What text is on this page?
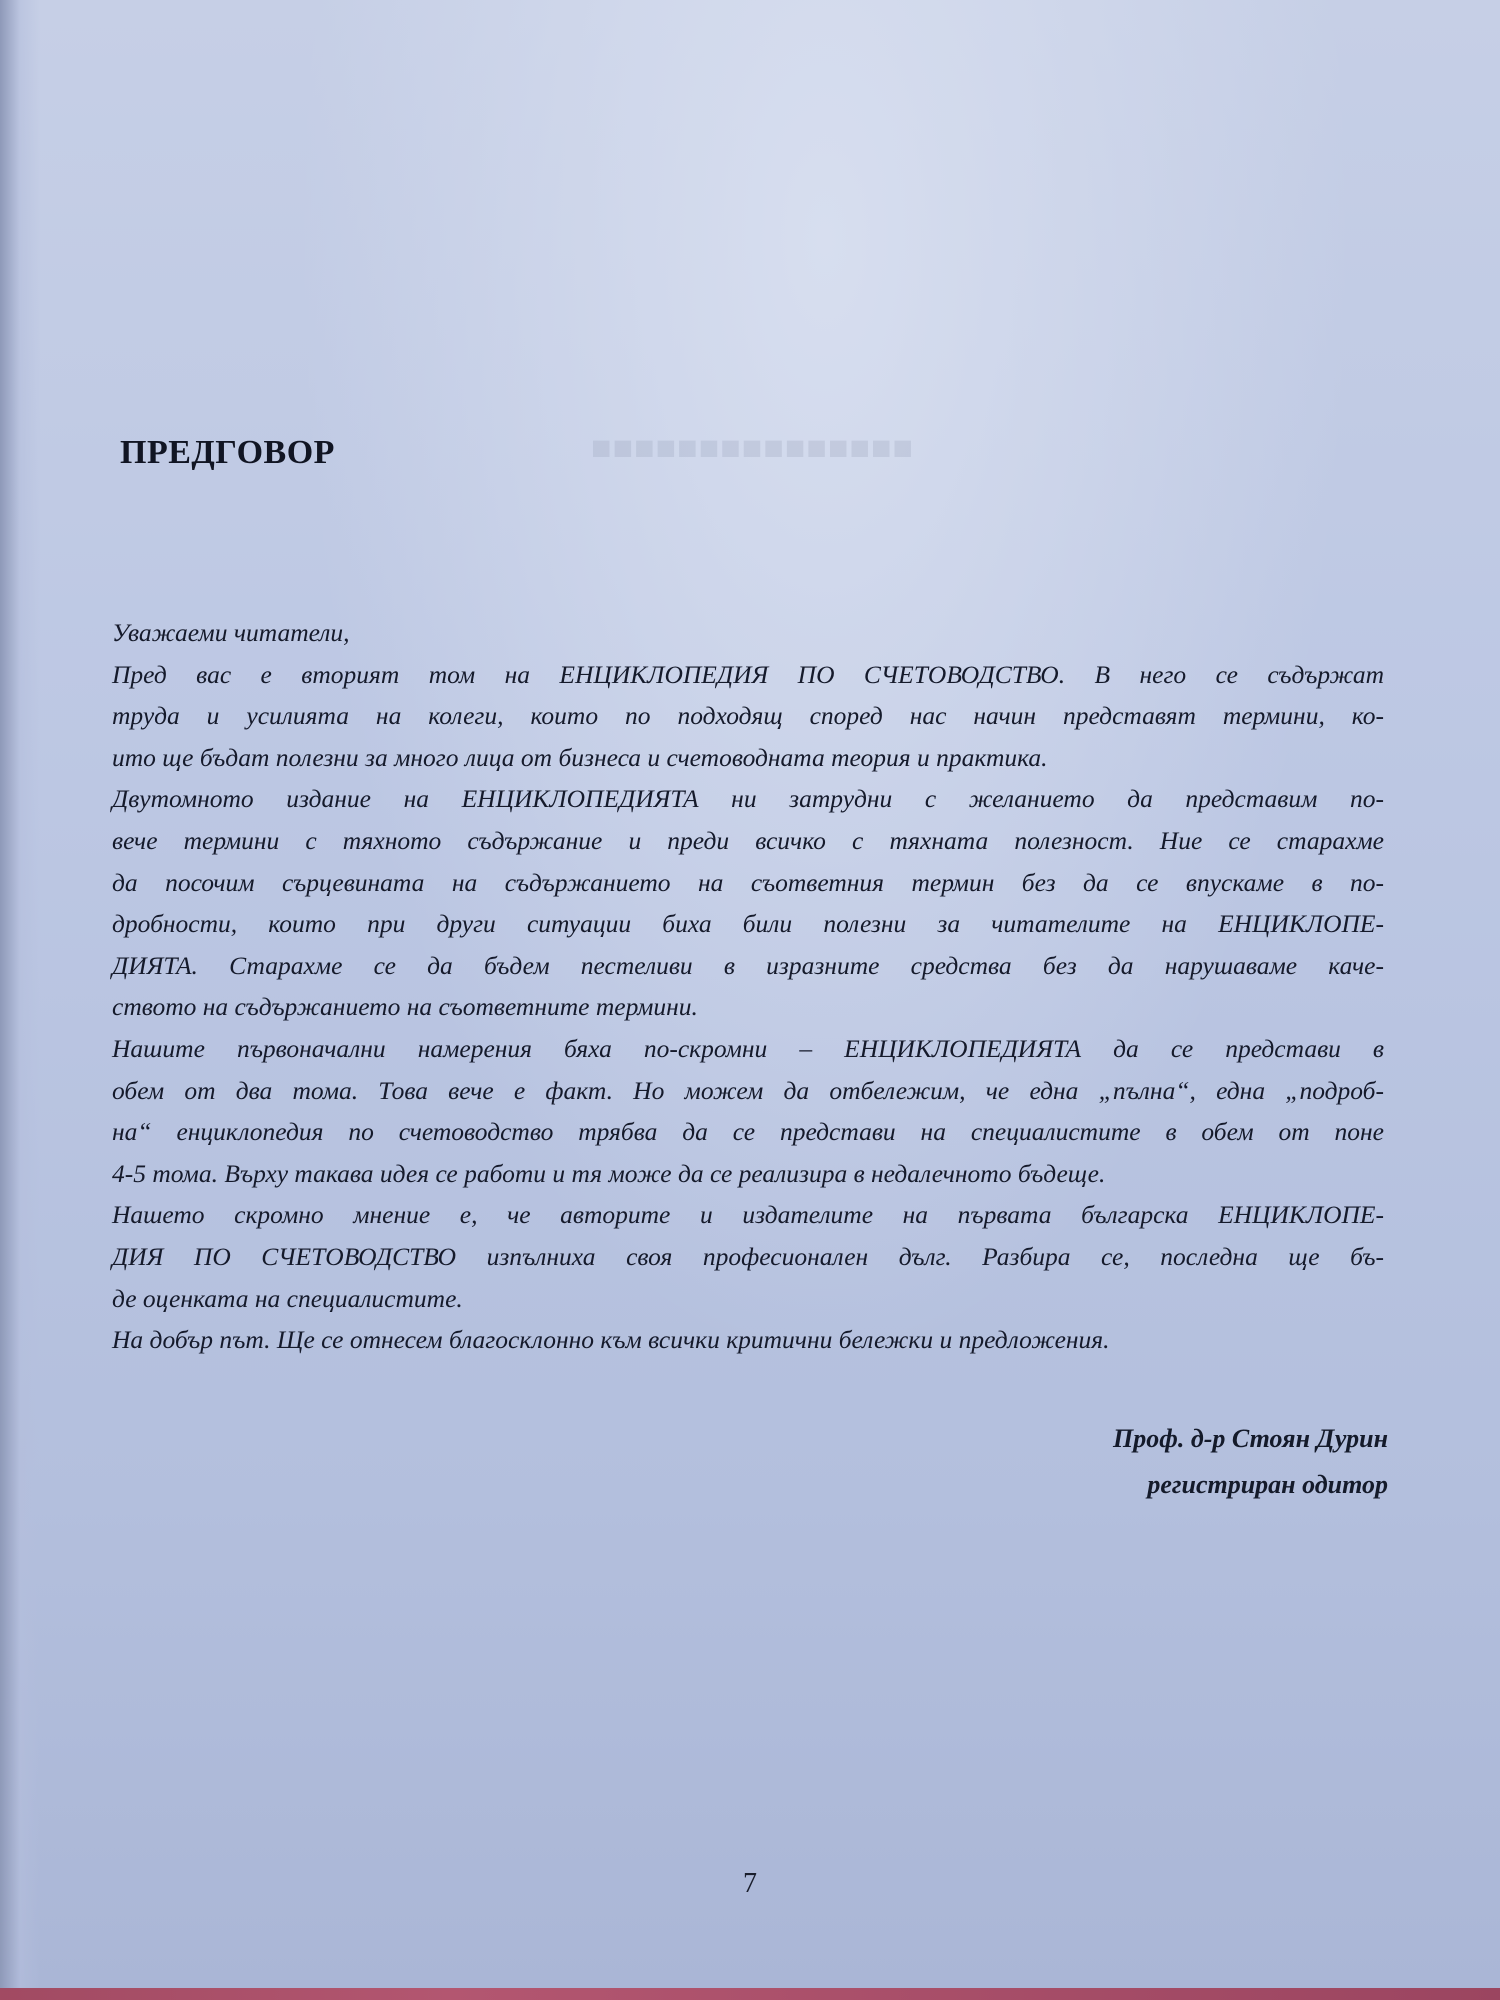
■■■■■■■■■■■■■■■
ПРЕДГОВОР
Уважаеми читатели,
Пред вас е вторият том на ЕНЦИКЛОПЕДИЯ ПО СЧЕТОВОДСТВО. В него се съдържат
труда и усилията на колеги, които по подходящ според нас начин представят термини, ко-
ито ще бъдат полезни за много лица от бизнеса и счетоводната теория и практика.
Двутомното издание на ЕНЦИКЛОПЕДИЯТА ни затрудни с желанието да представим по-
вече термини с тяхното съдържание и преди всичко с тяхната полезност. Ние се старахме
да посочим сърцевината на съдържанието на съответния термин без да се впускаме в по-
дробности, които при други ситуации биха били полезни за читателите на ЕНЦИКЛОПЕ-
ДИЯТА. Старахме се да бъдем пестеливи в изразните средства без да нарушаваме каче-
ството на съдържанието на съответните термини.
Нашите първоначални намерения бяха по-скромни – ЕНЦИКЛОПЕДИЯТА да се представи в
обем от два тома. Това вече е факт. Но можем да отбележим, че една „пълна“, една „подроб-
на“ енциклопедия по счетоводство трябва да се представи на специалистите в обем от поне
4-5 тома. Върху такава идея се работи и тя може да се реализира в недалечното бъдеще.
Нашето скромно мнение е, че авторите и издателите на първата българска ЕНЦИКЛОПЕ-
ДИЯ ПО СЧЕТОВОДСТВО изпълниха своя професионален дълг. Разбира се, последна ще бъ-
де оценката на специалистите.
На добър път. Ще се отнесем благосклонно към всички критични бележки и предложения.
Проф. д-р Стоян Дурин
регистриран одитор
7
